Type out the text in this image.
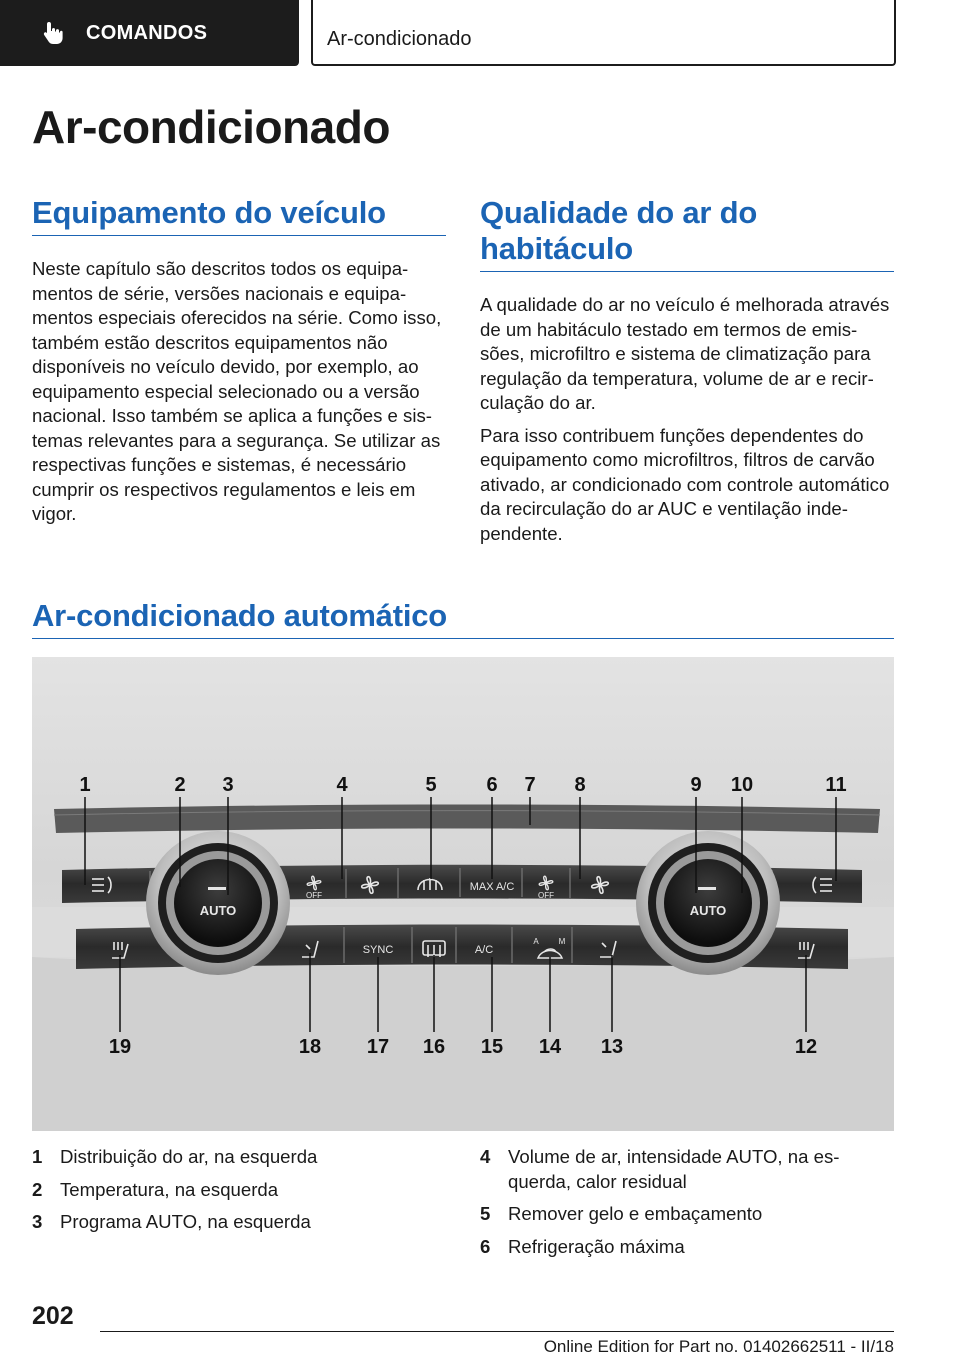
COMANDOS	Ar-condicionado
Ar-condicionado
Equipamento do veículo

Neste capítulo são descritos todos os equipamentos de série, versões nacionais e equipamentos especiais oferecidos na série. Como isso, também estão descritos equipamentos não disponíveis no veículo devido, por exemplo, ao equipamento especial selecionado ou a versão nacional. Isso também se aplica a funções e sistemas relevantes para a segurança. Se utilizar as respectivas funções e sistemas, é necessário cumprir os respectivos regulamentos e leis em vigor.

Qualidade do ar do habitáculo

A qualidade do ar no veículo é melhorada através de um habitáculo testado em termos de emissões, microfiltro e sistema de climatização para regulação da temperatura, volume de ar e recirculação do ar.

Para isso contribuem funções dependentes do equipamento como microfiltros, filtros de carvão ativado, ar condicionado com controle automático da recirculação do ar AUC e ventilação independente.

Ar-condicionado automático
AUTO	AUTO
OFF
MAX A/C
OFF
SYNC	A/C
A M
1	2 3	4	5 6 7 8	9 10	11
19	18 17 16 15 14 13	12
1 Distribuição do ar, na esquerda
2 Temperatura, na esquerda
3 Programa AUTO, na esquerda
4 Volume de ar, intensidade AUTO, na esquerda, calor residual
5 Remover gelo e embaçamento
6 Refrigeração máxima
202
Online Edition for Part no. 01402662511 - II/18
